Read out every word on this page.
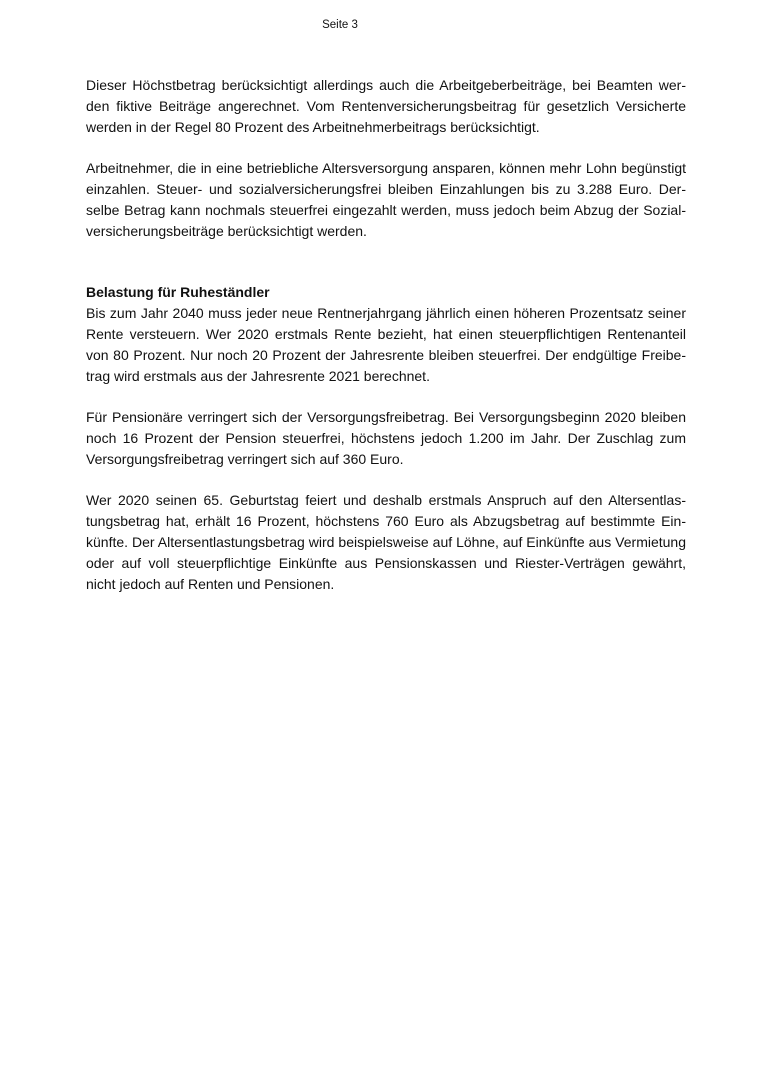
Seite 3
Dieser Höchstbetrag berücksichtigt allerdings auch die Arbeitgeberbeiträge, bei Beamten wer-
den fiktive Beiträge angerechnet. Vom Rentenversicherungsbeitrag für gesetzlich Versicherte
werden in der Regel 80 Prozent des Arbeitnehmerbeitrags berücksichtigt.
Arbeitnehmer, die in eine betriebliche Altersversorgung ansparen, können mehr Lohn begünstigt
einzahlen. Steuer- und sozialversicherungsfrei bleiben Einzahlungen bis zu 3.288 Euro. Der-
selbe Betrag kann nochmals steuerfrei eingezahlt werden, muss jedoch beim Abzug der Sozial-
versicherungsbeiträge berücksichtigt werden.
Belastung für Ruheständler
Bis zum Jahr 2040 muss jeder neue Rentnerjahrgang jährlich einen höheren Prozentsatz seiner
Rente versteuern. Wer 2020 erstmals Rente bezieht, hat einen steuerpflichtigen Rentenanteil
von 80 Prozent. Nur noch 20 Prozent der Jahresrente bleiben steuerfrei. Der endgültige Freibe-
trag wird erstmals aus der Jahresrente 2021 berechnet.
Für Pensionäre verringert sich der Versorgungsfreibetrag. Bei Versorgungsbeginn 2020 bleiben
noch 16 Prozent der Pension steuerfrei, höchstens jedoch 1.200 im Jahr. Der Zuschlag zum
Versorgungsfreibetrag verringert sich auf 360 Euro.
Wer 2020 seinen 65. Geburtstag feiert und deshalb erstmals Anspruch auf den Altersentlas-
tungsbetrag hat, erhält 16 Prozent, höchstens 760 Euro als Abzugsbetrag auf bestimmte Ein-
künfte. Der Altersentlastungsbetrag wird beispielsweise auf Löhne, auf Einkünfte aus Vermietung
oder auf voll steuerpflichtige Einkünfte aus Pensionskassen und Riester-Verträgen gewährt,
nicht jedoch auf Renten und Pensionen.
